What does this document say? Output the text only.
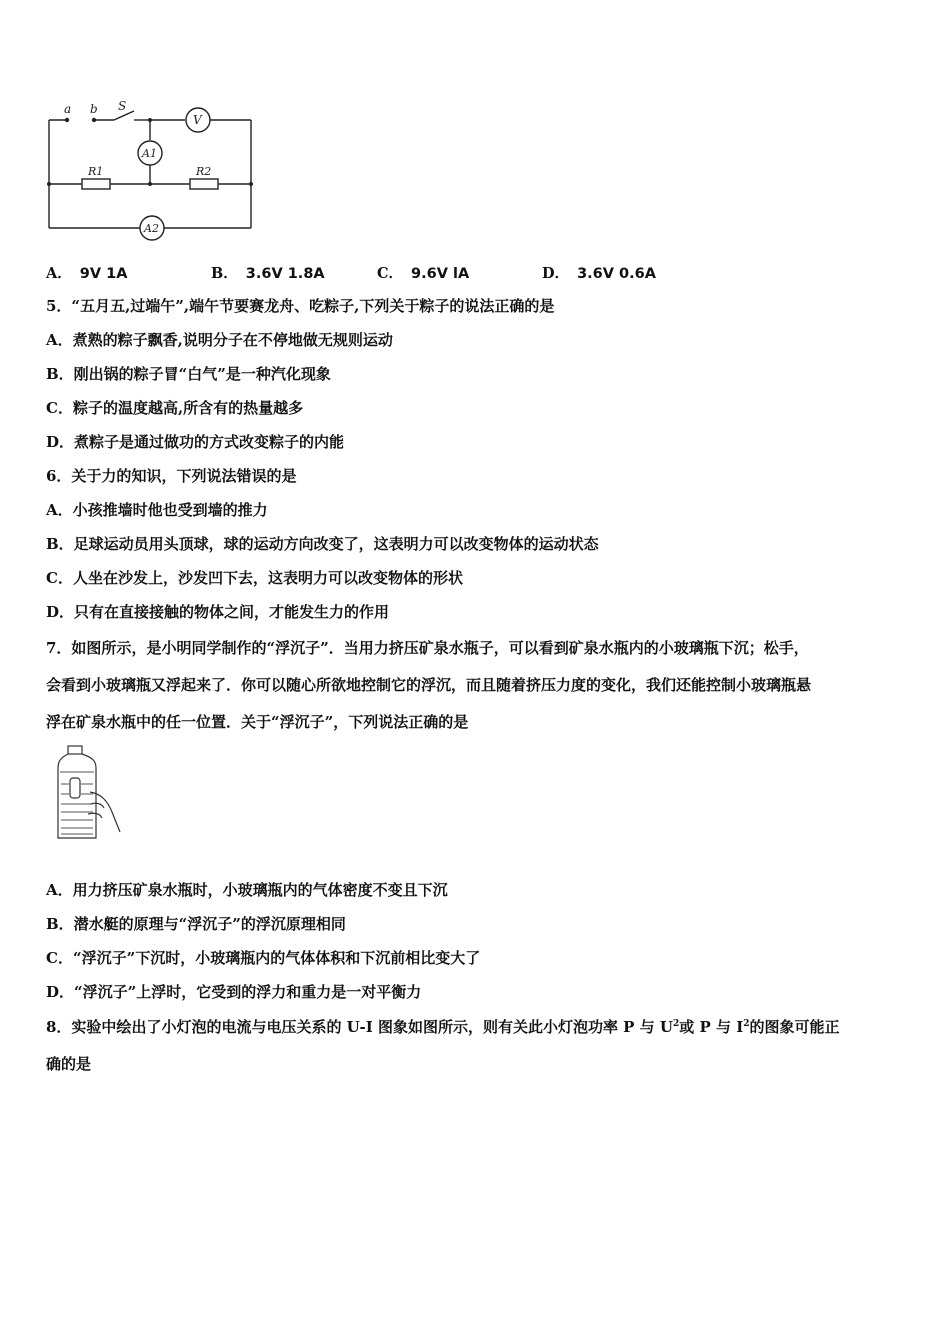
a b S
V
A1
A2
R1	R2
A． 9V 1A	B． 3.6V 1.8A	C． 9.6V lA	D． 3.6V 0.6A
5．“五月五,过端午”,端午节要赛龙舟、吃粽子,下列关于粽子的说法正确的是
A．煮熟的粽子飘香,说明分子在不停地做无规则运动
B．刚出锅的粽子冒“白气”是一种汽化现象
C．粽子的温度越高,所含有的热量越多
D．煮粽子是通过做功的方式改变粽子的内能
6．关于力的知识，下列说法错误的是
A．小孩推墙时他也受到墙的推力
B．足球运动员用头顶球，球的运动方向改变了，这表明力可以改变物体的运动状态
C．人坐在沙发上，沙发凹下去，这表明力可以改变物体的形状
D．只有在直接接触的物体之间，才能发生力的作用
7．如图所示，是小明同学制作的“浮沉子”．当用力挤压矿泉水瓶子，可以看到矿泉水瓶内的小玻璃瓶下沉；松手，
会看到小玻璃瓶又浮起来了．你可以随心所欲地控制它的浮沉，而且随着挤压力度的变化，我们还能控制小玻璃瓶悬
浮在矿泉水瓶中的任一位置．关于“浮沉子”，下列说法正确的是
A．用力挤压矿泉水瓶时，小玻璃瓶内的气体密度不变且下沉
B．潜水艇的原理与“浮沉子”的浮沉原理相同
C．“浮沉子”下沉时，小玻璃瓶内的气体体积和下沉前相比变大了
D．“浮沉子”上浮时，它受到的浮力和重力是一对平衡力
8．实验中绘出了小灯泡的电流与电压关系的 U-I 图象如图所示，则有关此小灯泡功率 P 与 $U^2$或 P 与 $I^2$的图象可能正
确的是
